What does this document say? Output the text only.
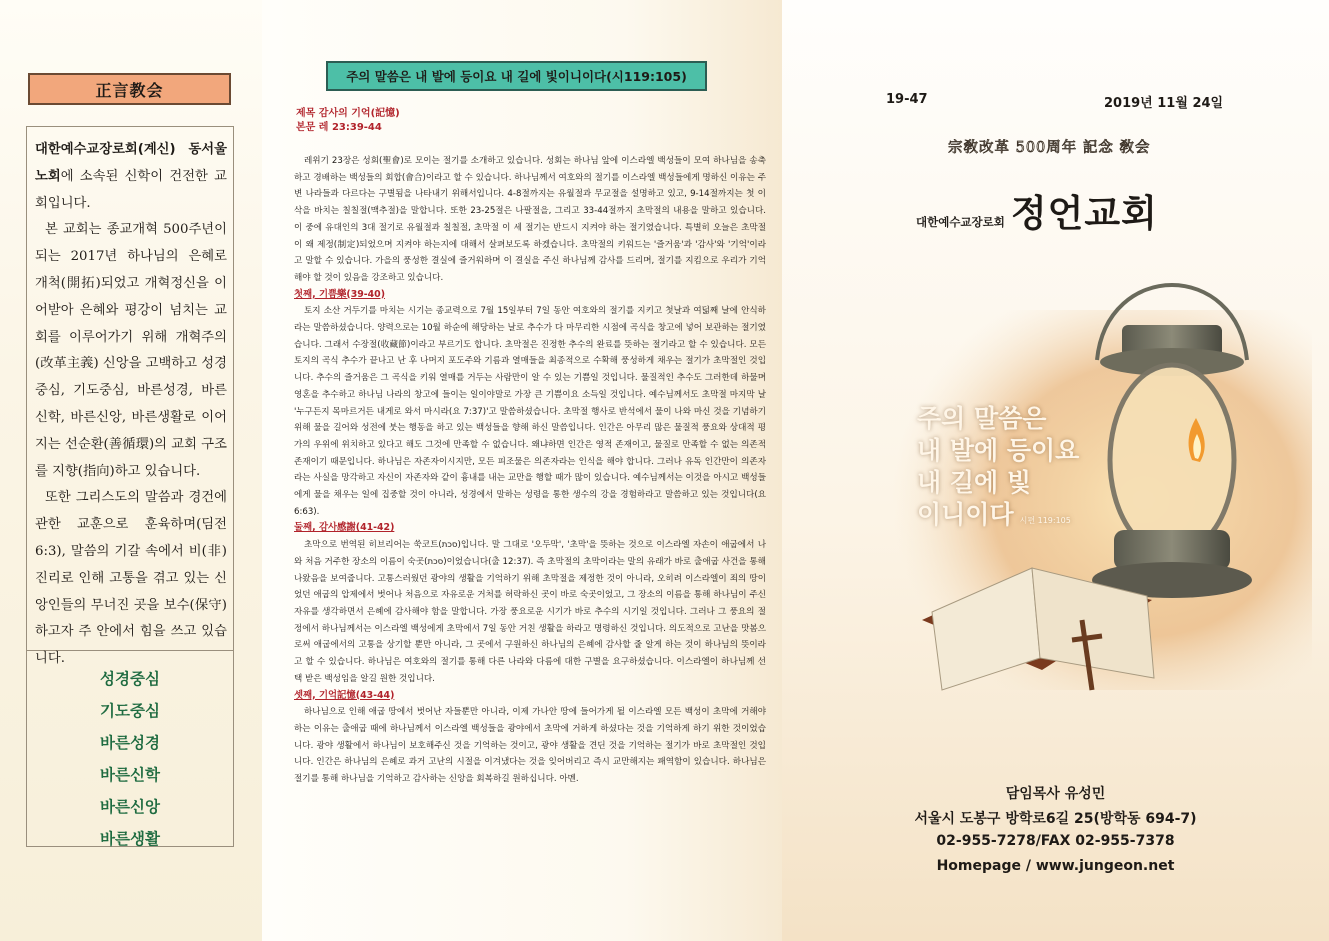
正言教会

대한예수교장로회(계신) 동서울 노회에 소속된 신학이 건전한 교회입니다.

본 교회는 종교개혁 500주년이 되는 2017년 하나님의 은혜로 개척(開拓)되었고 개혁정신을 이어받아 은혜와 평강이 넘치는 교회를 이루어가기 위해 개혁주의(改革主義) 신앙을 고백하고 성경중심, 기도중심, 바른성경, 바른신학, 바른신앙, 바른생활로 이어지는 선순환(善循環)의 교회 구조를 지향(指向)하고 있습니다.

또한 그리스도의 말씀과 경건에 관한 교훈으로 훈육하며(딤전 6:3), 말씀의 기갈 속에서 비(非) 진리로 인해 고통을 겪고 있는 신앙인들의 무너진 곳을 보수(保守)하고자 주 안에서 힘을 쓰고 있습니다.

성경중심
기도중심
바른성경
바른신학
바른신앙
바른생활
주의 말씀은 내 발에 등이요 내 길에 빛이니이다(시119:105)
제목 감사의 기억(記憶)
본문 레 23:39-44

레위기 23장은 성회(聖會)로 모이는 절기를 소개하고 있습니다. 성회는 하나님 앞에 이스라엘 백성들이 모여 하나님을 송축하고 경배하는 백성들의 회합(會合)이라고 할 수 있습니다. 하나님께서 여호와의 절기를 이스라엘 백성들에게 명하신 이유는 주변 나라들과 다르다는 구별됨을 나타내기 위해서입니다. 4-8절까지는 유월절과 무교절을 설명하고 있고, 9-14절까지는 첫 이삭을 바치는 칠칠절(맥추절)을 말합니다. 또한 23-25절은 나팔절을, 그리고 33-44절까지 초막절의 내용을 말하고 있습니다. 이 중에 유대인의 3대 절기로 유월절과 칠칠절, 초막절 이 세 절기는 반드시 지켜야 하는 절기였습니다. 특별히 오늘은 초막절이 왜 제정(制定)되었으며 지켜야 하는지에 대해서 살펴보도록 하겠습니다. 초막절의 키워드는 '즐거움'과 '감사'와 '기억'이라고 말할 수 있습니다. 가을의 풍성한 결실에 즐거워하며 이 결실을 주신 하나님께 감사를 드리며, 절기를 지킴으로 우리가 기억해야 할 것이 있음을 강조하고 있습니다.

첫째, 기쁨樂(39-40)

토지 소산 거두기를 마치는 시기는 종교력으로 7월 15일부터 7일 동안 여호와의 절기를 지키고 첫날과 여덟째 날에 안식하라는 말씀하셨습니다. 양력으로는 10월 하순에 해당하는 날로 추수가 다 마무리한 시점에 곡식을 창고에 넣어 보관하는 절기였습니다. 그래서 수장절(收藏節)이라고 부르기도 합니다. 초막절은 진정한 추수의 완료를 뜻하는 절기라고 할 수 있습니다. 모든 토지의 곡식 추수가 끝나고 난 후 나머지 포도주와 기름과 열매들을 최종적으로 수확해 풍성하게 채우는 절기가 초막절인 것입니다. 추수의 즐거움은 그 곡식을 키워 열매를 거두는 사람만이 알 수 있는 기쁨일 것입니다. 물질적인 추수도 그러한데 하물며 영혼을 추수하고 하나님 나라의 창고에 들이는 일이야말로 가장 큰 기쁨이요 소득일 것입니다. 예수님께서도 초막절 마지막 날 '누구든지 목마르거든 내게로 와서 마시라(요 7:37)'고 말씀하셨습니다. 초막절 행사로 반석에서 물이 나와 마신 것을 기념하기 위해 물을 길어와 성전에 붓는 행동을 하고 있는 백성들을 향해 하신 말씀입니다. 인간은 아무리 많은 물질적 풍요와 상대적 평가의 우위에 위치하고 있다고 해도 그것에 만족할 수 없습니다. 왜냐하면 인간은 영적 존재이고, 물질로 만족할 수 없는 의존적 존재이기 때문입니다. 하나님은 자존자이시지만, 모든 피조물은 의존자라는 인식을 해야 합니다. 그러나 유독 인간만이 의존자라는 사실을 망각하고 자신이 자존자와 같이 흉내를 내는 교만을 행할 때가 많이 있습니다. 예수님께서는 이것을 아시고 백성들에게 물을 채우는 일에 집중할 것이 아니라, 성경에서 말하는 성령을 통한 생수의 강을 경험하라고 말씀하고 있는 것입니다(요 6:63).

둘째, 감사感謝(41-42)

초막으로 번역된 히브리어는 쑥코트(סכת)입니다. 말 그대로 '오두막', '초막'을 뜻하는 것으로 이스라엘 자손이 애굽에서 나와 처음 거주한 장소의 이름이 숙곳(סכת)이었습니다(출 12:37). 즉 초막절의 초막이라는 말의 유래가 바로 출애굽 사건을 통해 나왔음을 보여줍니다. 고통스러웠던 광야의 생활을 기억하기 위해 초막절을 제정한 것이 아니라, 오히려 이스라엘이 죄의 땅이었던 애굽의 압제에서 벗어나 처음으로 자유로운 거처를 허락하신 곳이 바로 숙곳이었고, 그 장소의 이름을 통해 하나님이 주신 자유를 생각하면서 은혜에 감사해야 함을 말합니다. 가장 풍요로운 시기가 바로 추수의 시기일 것입니다. 그러나 그 풍요의 절정에서 하나님께서는 이스라엘 백성에게 초막에서 7일 동안 거친 생활을 하라고 명령하신 것입니다. 의도적으로 고난을 맛봄으로써 애굽에서의 고통을 상기할 뿐만 아니라, 그 곳에서 구원하신 하나님의 은혜에 감사할 줄 알게 하는 것이 하나님의 뜻이라고 할 수 있습니다. 하나님은 여호와의 절기를 통해 다른 나라와 다름에 대한 구별을 요구하셨습니다. 이스라엘이 하나님께 선택 받은 백성임을 알길 원한 것입니다.

셋째, 기억記憶(43-44)

하나님으로 인해 애굽 땅에서 벗어난 자들뿐만 아니라, 이제 가나안 땅에 들어가게 될 이스라엘 모든 백성이 초막에 거해야 하는 이유는 출애굽 때에 하나님께서 이스라엘 백성들을 광야에서 초막에 거하게 하셨다는 것을 기억하게 하기 위한 것이었습니다. 광야 생활에서 하나님이 보호해주신 것을 기억하는 것이고, 광야 생활을 견딘 것을 기억하는 절기가 바로 초막절인 것입니다. 인간은 하나님의 은혜로 과거 고난의 시절을 이겨냈다는 것을 잊어버리고 즉시 교만해지는 패역함이 있습니다. 하나님은 절기를 통해 하나님을 기억하고 감사하는 신앙을 회복하길 원하십니다. 아멘.

19-47	2019년 11월 24일
宗敎改革 500周年 記念 敎会
대한예수교장로회 정언교회
주의 말씀은
내 발에 등이요
내 길에 빛
이니이다 시편 119:105
담임목사 유성민
서울시 도봉구 방학로6길 25(방학동 694-7)
02-955-7278/FAX 02-955-7378
Homepage / www.jungeon.net
